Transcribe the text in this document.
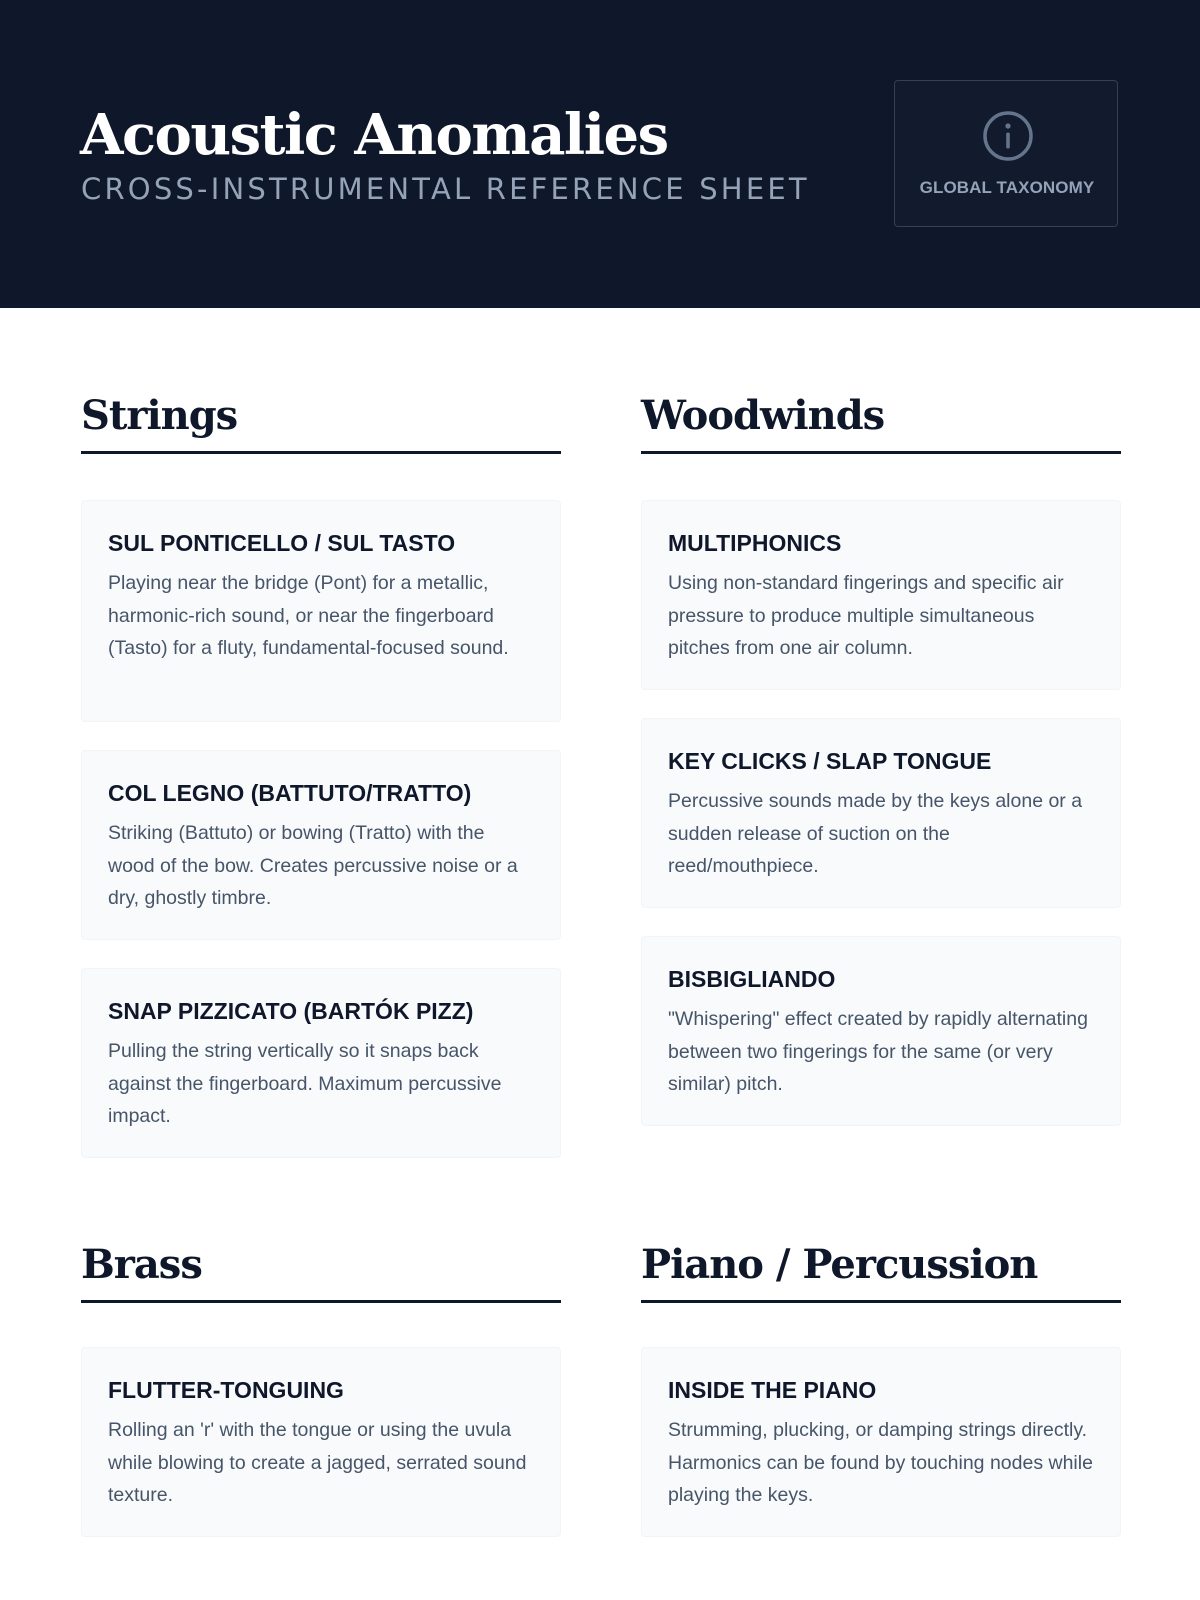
Acoustic Anomalies

CROSS-INSTRUMENTAL REFERENCE SHEET	GLOBAL TAXONOMY
Strings
SUL PONTICELLO / SUL TASTO

Playing near the bridge (Pont) for a metallic, harmonic-rich sound, or near the fingerboard (Tasto) for a fluty, fundamental-focused sound.

COL LEGNO (BATTUTO/TRATTO)

Striking (Battuto) or bowing (Tratto) with the wood of the bow. Creates percussive noise or a dry, ghostly timbre.

SNAP PIZZICATO (BARTÓK PIZZ)

Pulling the string vertically so it snaps back against the fingerboard. Maximum percussive impact.

Woodwinds
MULTIPHONICS

Using non-standard fingerings and specific air pressure to produce multiple simultaneous pitches from one air column.

KEY CLICKS / SLAP TONGUE

Percussive sounds made by the keys alone or a sudden release of suction on the reed/mouthpiece.

BISBIGLIANDO

"Whispering" effect created by rapidly alternating between two fingerings for the same (or very similar) pitch.

Brass
FLUTTER-TONGUING

Rolling an 'r' with the tongue or using the uvula while blowing to create a jagged, serrated sound texture.

Piano / Percussion
INSIDE THE PIANO

Strumming, plucking, or damping strings directly. Harmonics can be found by touching nodes while playing the keys.
